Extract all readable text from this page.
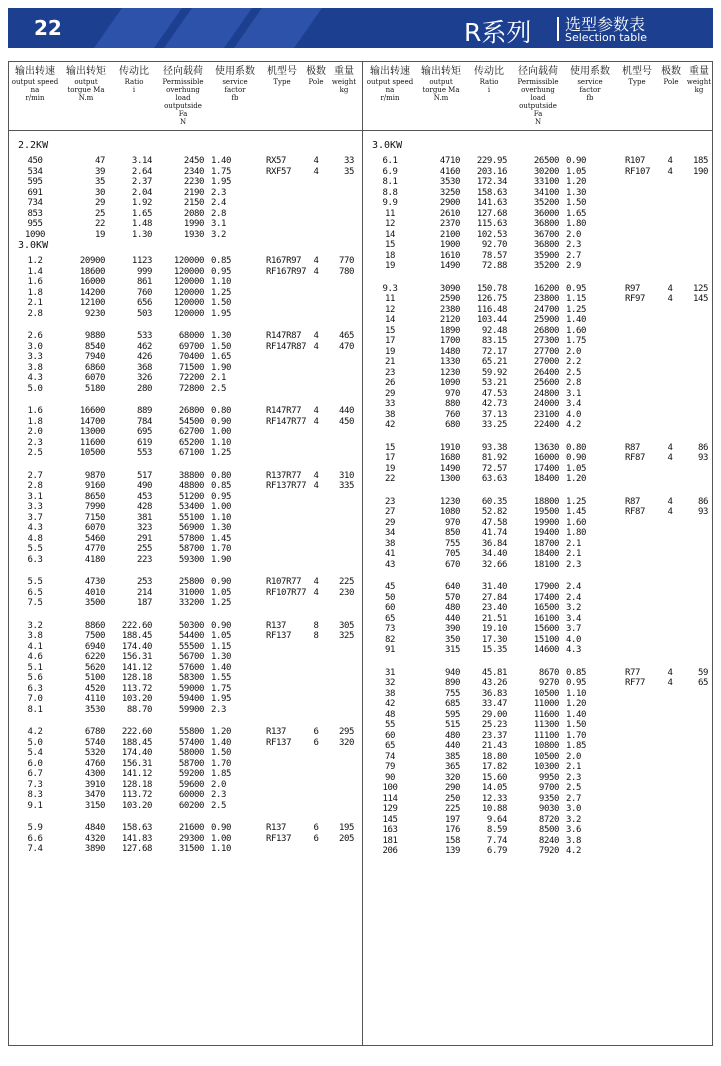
22	R系列 选型参数表
Selection table
输出转速
output speed
na
r/min
输出转矩
output
torgue Ma
N.m
传动比
Ratio
i
径向载荷
Permissible
overhung
load
outputside
Fa
N
使用系数
service
factor
fb
机型号
Type
极数
Pole
重量
weight
kg
输出转速
output speed
na
r/min
输出转矩
output
torgue Ma
N.m
传动比
Ratio
i
径向载荷
Permissible
overhung
load
outputside
Fa
N
使用系数
service
factor
fb
机型号
Type
极数
Pole
重量
weight
kg
2.2KW
450	47	3.14	2450 1.40	RX57	4	33
534	39	2.64	2340 1.75	RXF57	4	35
595	35	2.37	2230 1.95
691	30	2.04	2190 2.3
734	29	1.92	2150 2.4
853	25	1.65	2080 2.8
955	22	1.48	1990 3.1
1090	19	1.30	1930 3.2
3.0KW
1.2	20900	1123	120000 0.85	R167R97	4	770
1.4	18600	999	120000 0.95	RF167R97 4	780
1.6	16000	861	120000 1.10
1.8	14200	760	120000 1.25
2.1	12100	656	120000 1.50
2.8	9230	503	120000 1.95
2.6	9880	533	68000 1.30	R147R87	4	465
3.0	8540	462	69700 1.50	RF147R87 4	470
3.3	7940	426	70400 1.65
3.8	6860	368	71500 1.90
4.3	6070	326	72200 2.1
5.0	5180	280	72800 2.5
1.6	16600	889	26800 0.80	R147R77	4	440
1.8	14700	784	54500 0.90	RF147R77 4	450
2.0	13000	695	62700 1.00
2.3	11600	619	65200 1.10
2.5	10500	553	67100 1.25
2.7	9870	517	38800 0.80	R137R77	4	310
2.8	9160	490	48800 0.85	RF137R77 4	335
3.1	8650	453	51200 0.95
3.3	7990	428	53400 1.00
3.7	7150	381	55100 1.10
4.3	6070	323	56900 1.30
4.8	5460	291	57800 1.45
5.5	4770	255	58700 1.70
6.3	4180	223	59300 1.90
5.5	4730	253	25800 0.90	R107R77	4	225
6.5	4010	214	31000 1.05	RF107R77 4	230
7.5	3500	187	33200 1.25
3.2	8860	222.60	50300 0.90	R137	8	305
3.8	7500	188.45	54400 1.05	RF137	8	325
4.1	6940	174.40	55500 1.15
4.6	6220	156.31	56700 1.30
5.1	5620	141.12	57600 1.40
5.6	5100	128.18	58300 1.55
6.3	4520	113.72	59000 1.75
7.0	4110	103.20	59400 1.95
8.1	3530	88.70	59900 2.3
4.2	6780	222.60	55800 1.20	R137	6	295
5.0	5740	188.45	57400 1.40	RF137	6	320
5.4	5320	174.40	58000 1.50
6.0	4760	156.31	58700 1.70
6.7	4300	141.12	59200 1.85
7.3	3910	128.18	59600 2.0
8.3	3470	113.72	60000 2.3
9.1	3150	103.20	60200 2.5
5.9	4840	158.63	21600 0.90	R137	6	195
6.6	4320	141.83	29300 1.00	RF137	6	205
7.4	3890	127.68	31500 1.10
3.0KW
6.1	4710	229.95	26500 0.90	R107	4	185
6.9	4160	203.16	30200 1.05	RF107	4	190
8.1	3530	172.34	33100 1.20
8.8	3250	158.63	34100 1.30
9.9	2900	141.63	35200 1.50
11	2610	127.68	36000 1.65
12	2370	115.63	36800 1.80
14	2100	102.53	36700 2.0
15	1900	92.70	36800 2.3
18	1610	78.57	35900 2.7
19	1490	72.88	35200 2.9
9.3	3090	150.78	16200 0.95	R97	4	125
11	2590	126.75	23800 1.15	RF97	4	145
12	2380	116.48	24700 1.25
14	2120	103.44	25900 1.40
15	1890	92.48	26800 1.60
17	1700	83.15	27300 1.75
19	1480	72.17	27700 2.0
21	1330	65.21	27000 2.2
23	1230	59.92	26400 2.5
26	1090	53.21	25600 2.8
29	970	47.53	24800 3.1
33	880	42.73	24000 3.4
38	760	37.13	23100 4.0
42	680	33.25	22400 4.2
15	1910	93.38	13630 0.80	R87	4	86
17	1680	81.92	16000 0.90	RF87	4	93
19	1490	72.57	17400 1.05
22	1300	63.63	18400 1.20
23	1230	60.35	18800 1.25	R87	4	86
27	1080	52.82	19500 1.45	RF87	4	93
29	970	47.58	19900 1.60
34	850	41.74	19400 1.80
38	755	36.84	18700 2.1
41	705	34.40	18400 2.1
43	670	32.66	18100 2.3
45	640	31.40	17900 2.4
50	570	27.84	17400 2.4
60	480	23.40	16500 3.2
65	440	21.51	16100 3.4
73	390	19.10	15600 3.7
82	350	17.30	15100 4.0
91	315	15.35	14600 4.3
31	940	45.81	8670 0.85	R77	4	59
32	890	43.26	9270 0.95	RF77	4	65
38	755	36.83	10500 1.10
42	685	33.47	11000 1.20
48	595	29.00	11600 1.40
55	515	25.23	11300 1.50
60	480	23.37	11100 1.70
65	440	21.43	10800 1.85
74	385	18.80	10500 2.0
79	365	17.82	10300 2.1
90	320	15.60	9950 2.3
100	290	14.05	9700 2.5
114	250	12.33	9350 2.7
129	225	10.88	9030 3.0
145	197	9.64	8720 3.2
163	176	8.59	8500 3.6
181	158	7.74	8240 3.8
206	139	6.79	7920 4.2
